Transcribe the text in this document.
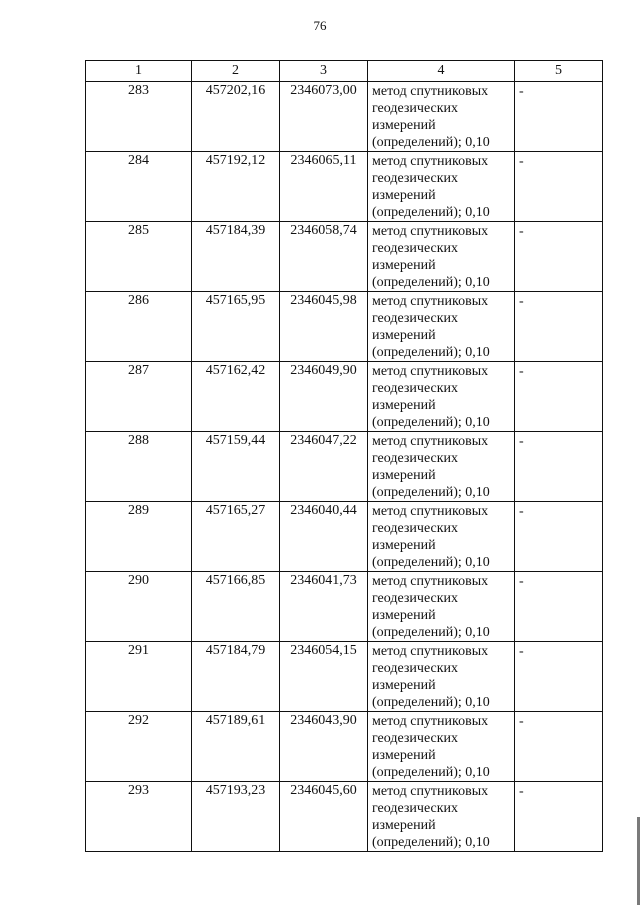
76
1	2	3	4	5
283	457202,16	2346073,00	метод спутниковых геодезических измерений (определений); 0,10	-
284	457192,12	2346065,11	метод спутниковых геодезических измерений (определений); 0,10	-
285	457184,39	2346058,74	метод спутниковых геодезических измерений (определений); 0,10	-
286	457165,95	2346045,98	метод спутниковых геодезических измерений (определений); 0,10	-
287	457162,42	2346049,90	метод спутниковых геодезических измерений (определений); 0,10	-
288	457159,44	2346047,22	метод спутниковых геодезических измерений (определений); 0,10	-
289	457165,27	2346040,44	метод спутниковых геодезических измерений (определений); 0,10	-
290	457166,85	2346041,73	метод спутниковых геодезических измерений (определений); 0,10	-
291	457184,79	2346054,15	метод спутниковых геодезических измерений (определений); 0,10	-
292	457189,61	2346043,90	метод спутниковых геодезических измерений (определений); 0,10	-
293	457193,23	2346045,60	метод спутниковых геодезических измерений (определений); 0,10	-
